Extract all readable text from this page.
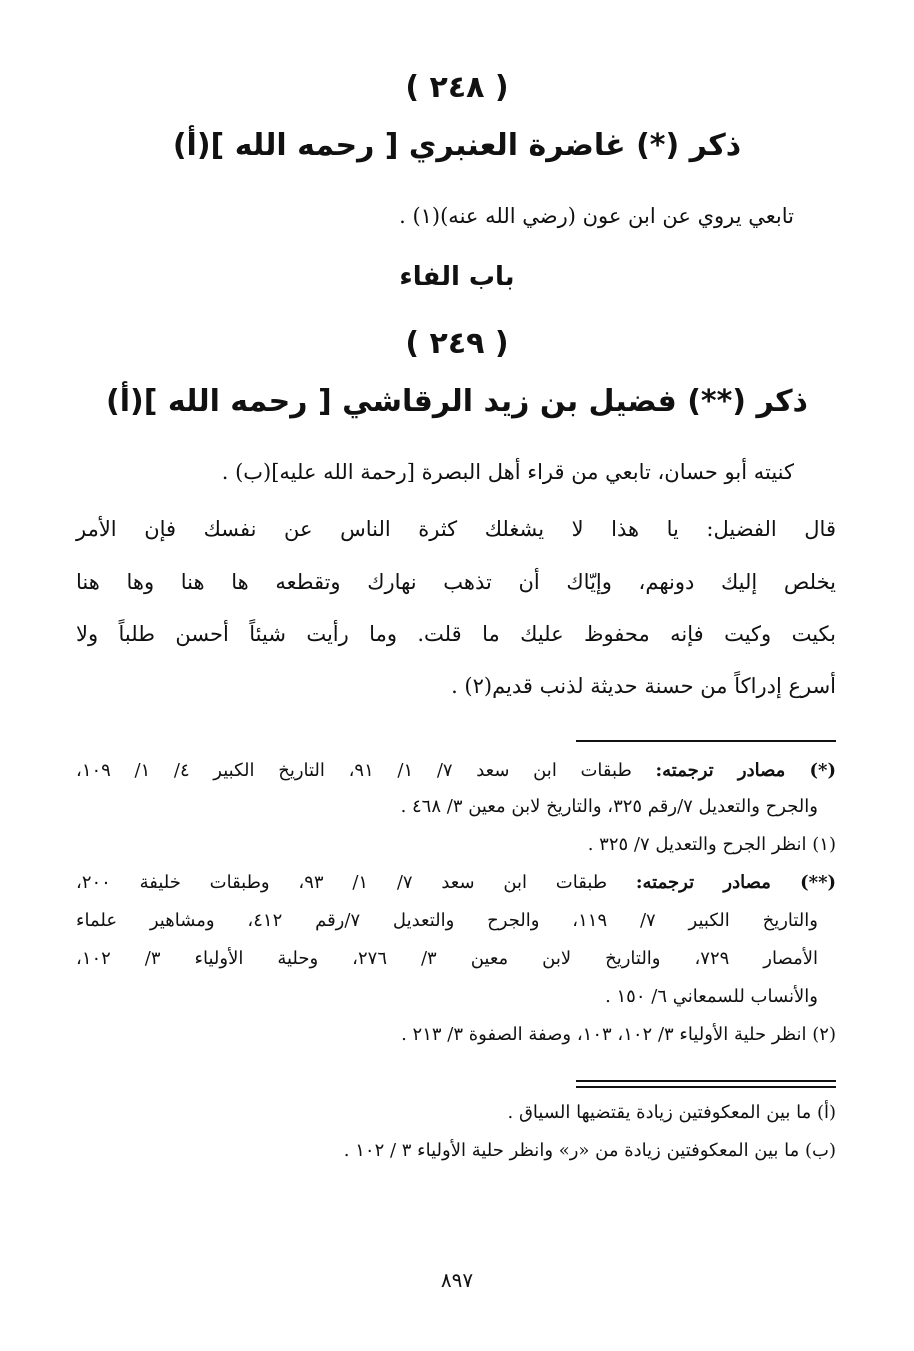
( ٢٤٨ )
ذكر (*) غاضرة العنبري [ رحمه الله ](أ)
تابعي يروي عن ابن عون (رضي الله عنه)(١) .
باب الفاء
( ٢٤٩ )
ذكر (**) فضيل بن زيد الرقاشي [ رحمه الله ](أ)
كنيته أبو حسان، تابعي من قراء أهل البصرة [رحمة الله عليه](ب) .
قال الفضيل: يا هذا لا يشغلك كثرة الناس عن نفسك فإن الأمر
يخلص إليك دونهم، وإيّاك أن تذهب نهارك وتقطعه ها هنا وها هنا
بكيت وكيت فإنه محفوظ عليك ما قلت. وما رأيت شيئاً أحسن طلباً ولا
أسرع إدراكاً من حسنة حديثة لذنب قديم(٢) .
(*) مصادر ترجمته: طبقات ابن سعد ٧/ ١/ ٩١، التاريخ الكبير ٤/ ١/ ١٠٩،
والجرح والتعديل ٧/رقم ٣٢٥، والتاريخ لابن معين ٣/ ٤٦٨ .
(١) انظر الجرح والتعديل ٧/ ٣٢٥ .
(**) مصادر ترجمته: طبقات ابن سعد ٧/ ١/ ٩٣، وطبقات خليفة ٢٠٠،
والتاريخ الكبير ٧/ ١١٩، والجرح والتعديل ٧/رقم ٤١٢، ومشاهير علماء
الأمصار ٧٢٩، والتاريخ لابن معين ٣/ ٢٧٦، وحلية الأولياء ٣/ ١٠٢،
والأنساب للسمعاني ٦/ ١٥٠ .
(٢) انظر حلية الأولياء ٣/ ١٠٢، ١٠٣، وصفة الصفوة ٣/ ٢١٣ .
(أ) ما بين المعكوفتين زيادة يقتضيها السياق .
(ب) ما بين المعكوفتين زيادة من «ر» وانظر حلية الأولياء ٣ / ١٠٢ .
٨٩٧
